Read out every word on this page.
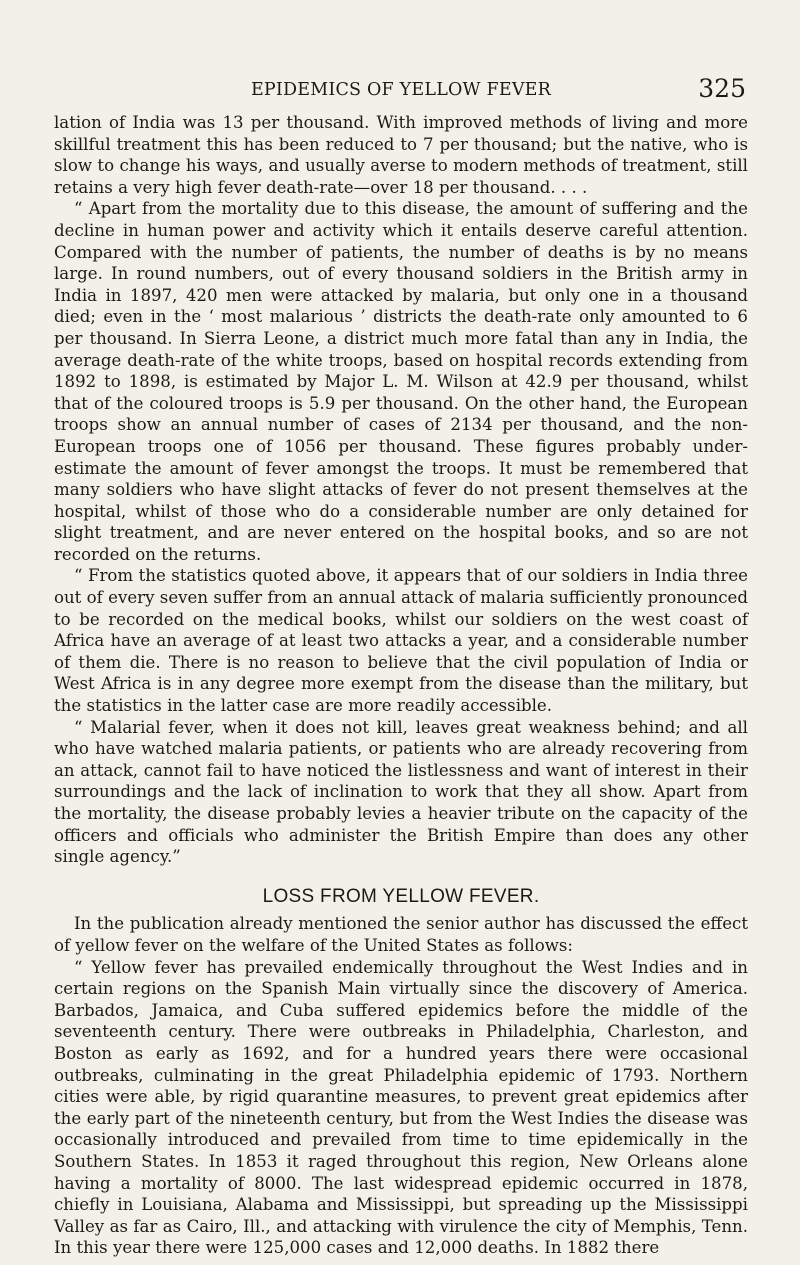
EPIDEMICS OF YELLOW FEVER	325

lation of India was 13 per thousand. With improved methods of living and more skillful treatment this has been reduced to 7 per thousand; but the native, who is slow to change his ways, and usually averse to modern methods of treatment, still retains a very high fever death-rate—over 18 per thousand. . . .

“ Apart from the mortality due to this disease, the amount of suffering and the decline in human power and activity which it entails deserve careful attention. Compared with the number of patients, the number of deaths is by no means large. In round numbers, out of every thousand soldiers in the British army in India in 1897, 420 men were attacked by malaria, but only one in a thousand died; even in the ‘ most malarious ’ districts the death-rate only amounted to 6 per thousand. In Sierra Leone, a district much more fatal than any in India, the average death-rate of the white troops, based on hospital records extending from 1892 to 1898, is estimated by Major L. M. Wilson at 42.9 per thousand, whilst that of the coloured troops is 5.9 per thousand. On the other hand, the European troops show an annual number of cases of 2134 per thousand, and the non-European troops one of 1056 per thousand. These figures probably under-estimate the amount of fever amongst the troops. It must be remembered that many soldiers who have slight attacks of fever do not present themselves at the hospital, whilst of those who do a considerable number are only detained for slight treatment, and are never entered on the hospital books, and so are not recorded on the returns.

“ From the statistics quoted above, it appears that of our soldiers in India three out of every seven suffer from an annual attack of malaria sufficiently pronounced to be recorded on the medical books, whilst our soldiers on the west coast of Africa have an average of at least two attacks a year, and a considerable number of them die. There is no reason to believe that the civil population of India or West Africa is in any degree more exempt from the disease than the military, but the statistics in the latter case are more readily accessible.

“ Malarial fever, when it does not kill, leaves great weakness behind; and all who have watched malaria patients, or patients who are already recovering from an attack, cannot fail to have noticed the listlessness and want of interest in their surroundings and the lack of inclination to work that they all show. Apart from the mortality, the disease probably levies a heavier tribute on the capacity of the officers and officials who administer the British Empire than does any other single agency.”

LOSS FROM YELLOW FEVER.

In the publication already mentioned the senior author has discussed the effect of yellow fever on the welfare of the United States as follows:

“ Yellow fever has prevailed endemically throughout the West Indies and in certain regions on the Spanish Main virtually since the discovery of America. Barbados, Jamaica, and Cuba suffered epidemics before the middle of the seventeenth century. There were outbreaks in Philadelphia, Charleston, and Boston as early as 1692, and for a hundred years there were occasional outbreaks, culminating in the great Philadelphia epidemic of 1793. Northern cities were able, by rigid quarantine measures, to prevent great epidemics after the early part of the nineteenth century, but from the West Indies the disease was occasionally introduced and prevailed from time to time epidemically in the Southern States. In 1853 it raged throughout this region, New Orleans alone having a mortality of 8000. The last widespread epidemic occurred in 1878, chiefly in Louisiana, Alabama and Mississippi, but spreading up the Mississippi Valley as far as Cairo, Ill., and attacking with virulence the city of Memphis, Tenn. In this year there were 125,000 cases and 12,000 deaths. In 1882 there
